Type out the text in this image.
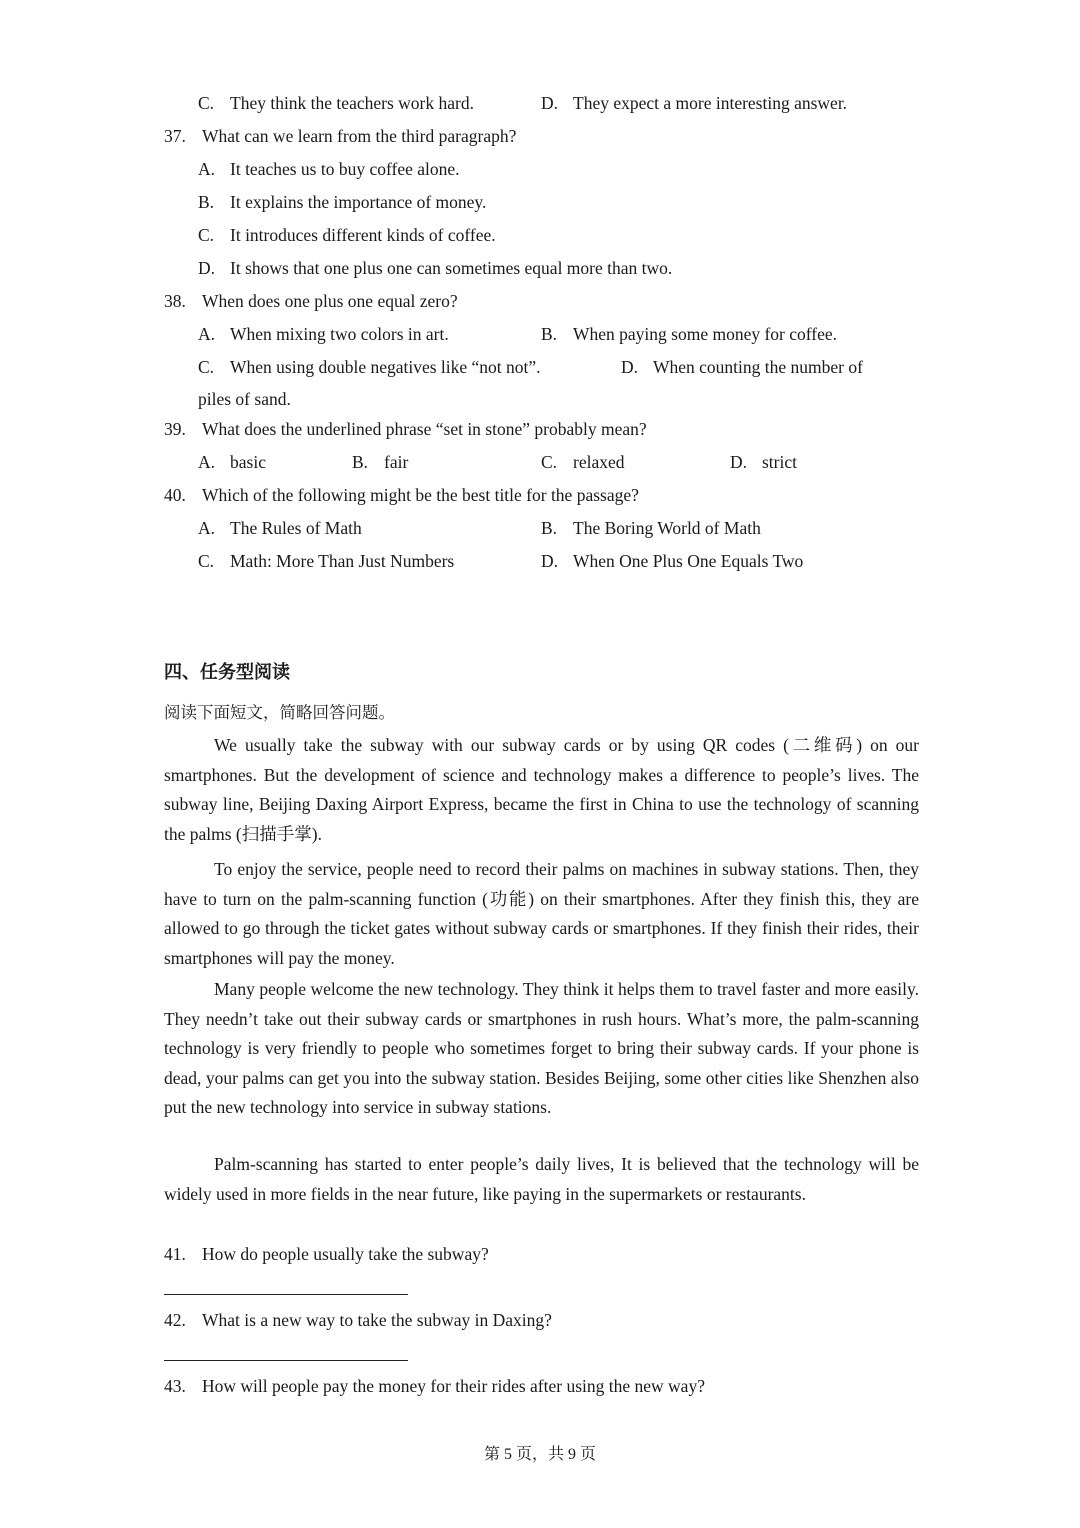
C. They think the teachers work hard.	D. They expect a more interesting answer.
37. What can we learn from the third paragraph?
A. It teaches us to buy coffee alone.
B. It explains the importance of money.
C. It introduces different kinds of coffee.
D. It shows that one plus one can sometimes equal more than two.
38. When does one plus one equal zero?
A. When mixing two colors in art.	B. When paying some money for coffee.
C. When using double negatives like “not not”.	D. When counting the number of
piles of sand.
39. What does the underlined phrase “set in stone” probably mean?
A. basic	B. fair	C. relaxed	D. strict
40. Which of the following might be the best title for the passage?
A. The Rules of Math	B. The Boring World of Math
C. Math: More Than Just Numbers	D. When One Plus One Equals Two
四、任务型阅读
阅读下面短文，简略回答问题。
We usually take the subway with our subway cards or by using QR codes (二维码) on our smartphones. But the development of science and technology makes a difference to people’s lives. The subway line, Beijing Daxing Airport Express, became the first in China to use the technology of scanning the palms (扫描手掌).
To enjoy the service, people need to record their palms on machines in subway stations. Then, they have to turn on the palm-scanning function (功能) on their smartphones. After they finish this, they are allowed to go through the ticket gates without subway cards or smartphones. If they finish their rides, their smartphones will pay the money.
Many people welcome the new technology. They think it helps them to travel faster and more easily. They needn’t take out their subway cards or smartphones in rush hours. What’s more, the palm-scanning technology is very friendly to people who sometimes forget to bring their subway cards. If your phone is dead, your palms can get you into the subway station. Besides Beijing, some other cities like Shenzhen also put the new technology into service in subway stations.
Palm-scanning has started to enter people’s daily lives, It is believed that the technology will be widely used in more fields in the near future, like paying in the supermarkets or restaurants.
41. How do people usually take the subway?
42. What is a new way to take the subway in Daxing?
43. How will people pay the money for their rides after using the new way?
第 5 页，共 9 页
